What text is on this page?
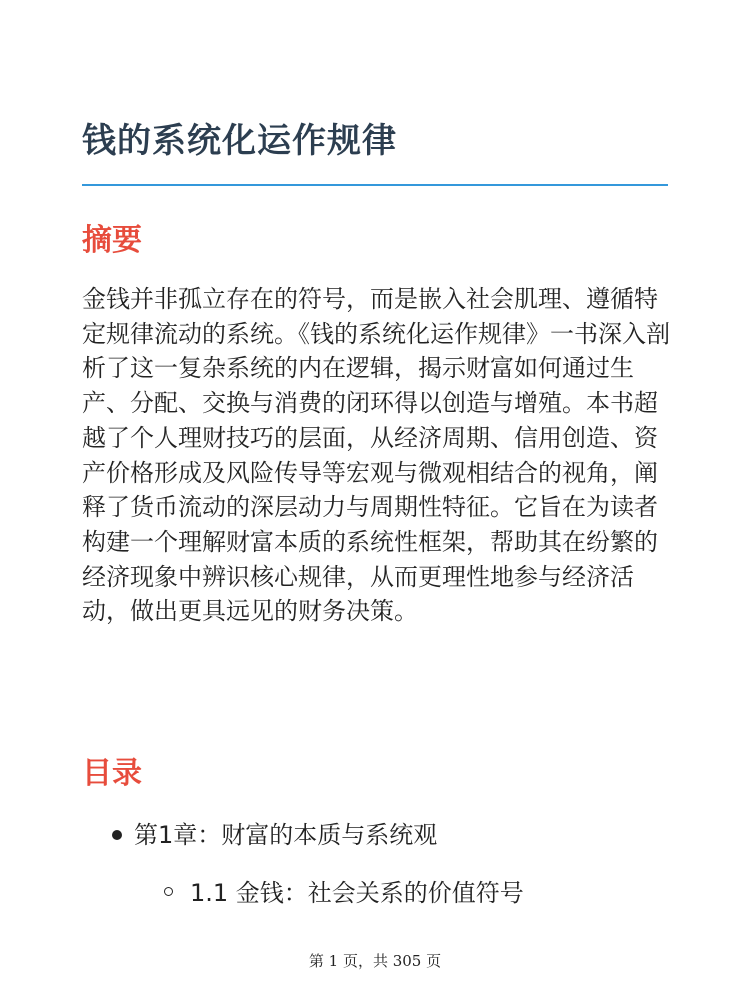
钱的系统化运作规律
摘要

金钱并非孤立存在的符号，而是嵌入社会肌理、遵循特定规律流动的系统。《钱的系统化运作规律》一书深入剖析了这一复杂系统的内在逻辑，揭示财富如何通过生产、分配、交换与消费的闭环得以创造与增殖。本书超越了个人理财技巧的层面，从经济周期、信用创造、资产价格形成及风险传导等宏观与微观相结合的视角，阐释了货币流动的深层动力与周期性特征。它旨在为读者构建一个理解财富本质的系统性框架，帮助其在纷繁的经济现象中辨识核心规律，从而更理性地参与经济活动，做出更具远见的财务决策。

目录

第1章：财富的本质与系统观

1.1 金钱：社会关系的价值符号

第 1 页，共 305 页
